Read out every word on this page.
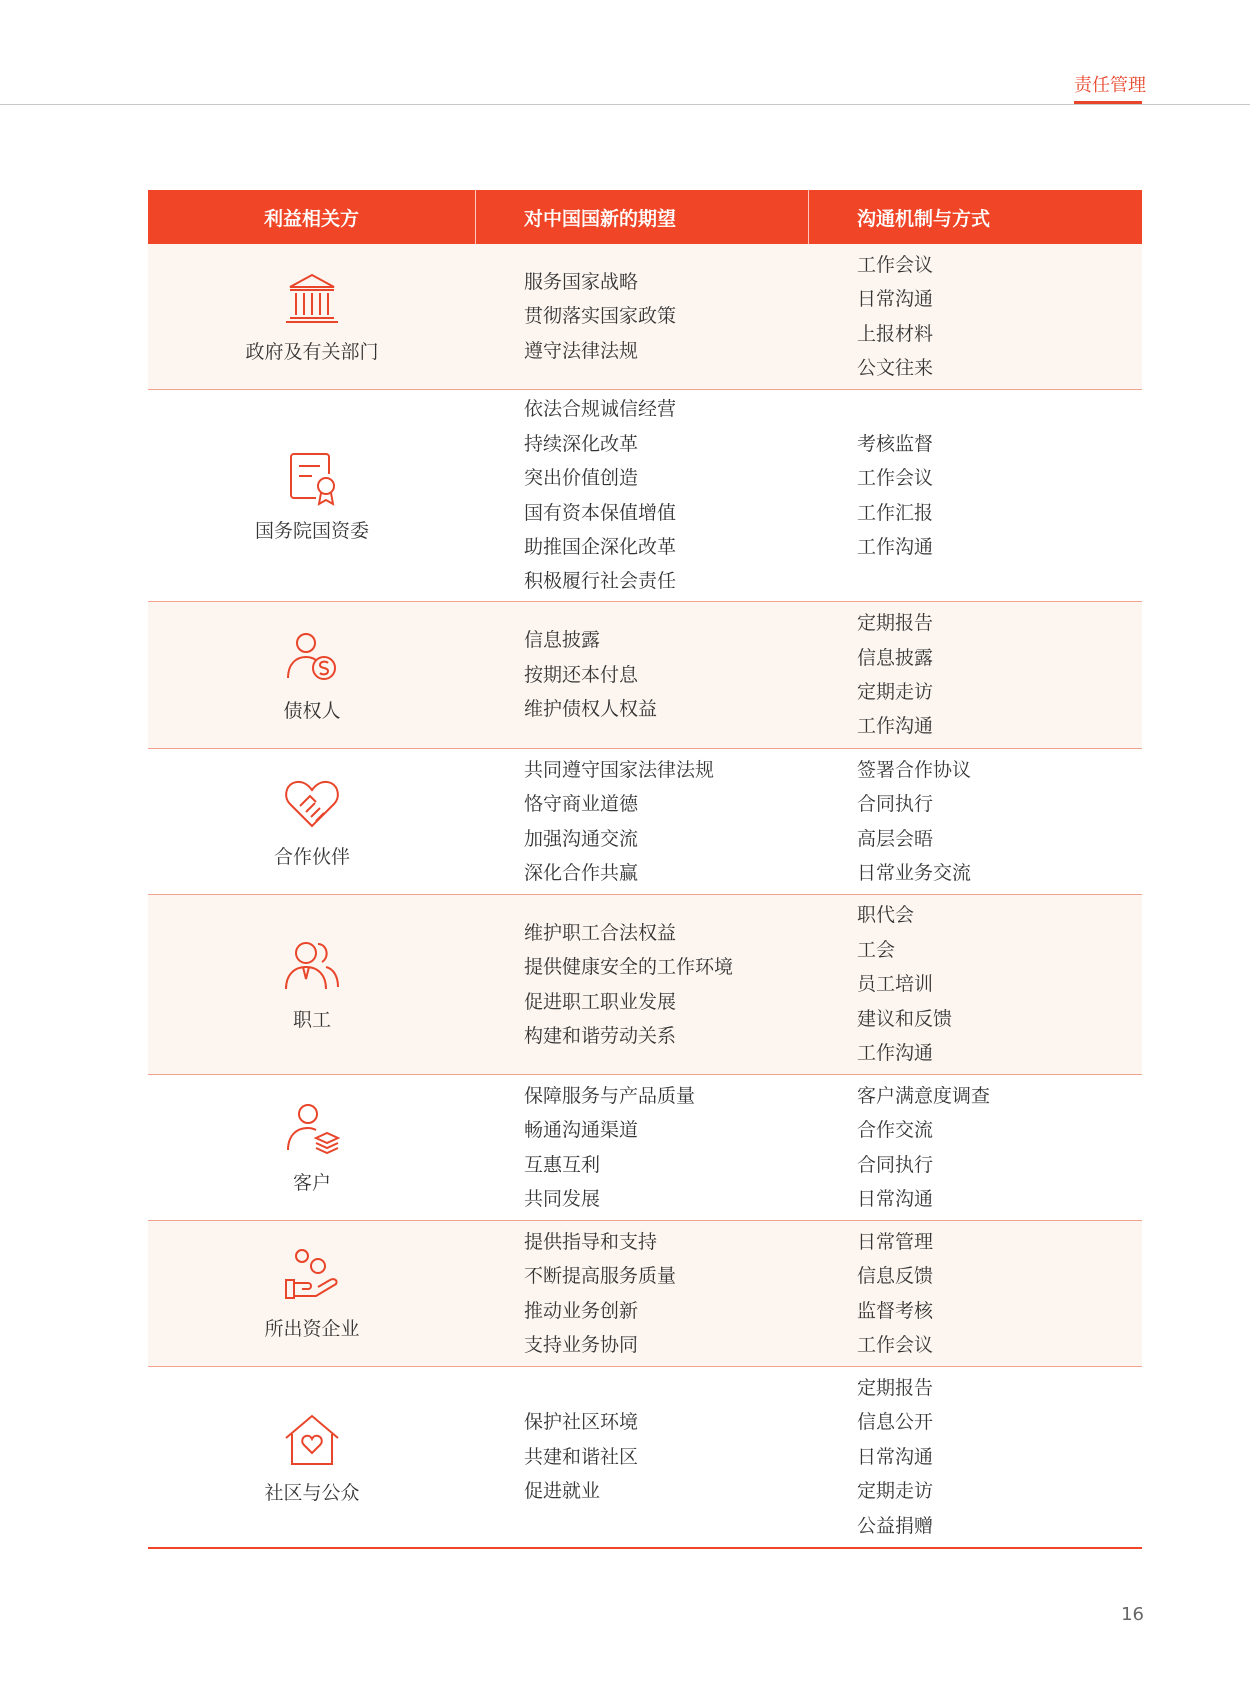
责任管理
利益相关方	对中国国新的期望	沟通机制与方式
政府及有关部门
服务国家战略
贯彻落实国家政策
遵守法律法规
工作会议
日常沟通
上报材料
公文往来
国务院国资委
依法合规诚信经营
持续深化改革
突出价值创造
国有资本保值增值
助推国企深化改革
积极履行社会责任
考核监督
工作会议
工作汇报
工作沟通
债权人
信息披露
按期还本付息
维护债权人权益
定期报告
信息披露
定期走访
工作沟通
合作伙伴
共同遵守国家法律法规
恪守商业道德
加强沟通交流
深化合作共赢
签署合作协议
合同执行
高层会晤
日常业务交流
职工
维护职工合法权益
提供健康安全的工作环境
促进职工职业发展
构建和谐劳动关系
职代会
工会
员工培训
建议和反馈
工作沟通
客户
保障服务与产品质量
畅通沟通渠道
互惠互利
共同发展
客户满意度调查
合作交流
合同执行
日常沟通
所出资企业
提供指导和支持
不断提高服务质量
推动业务创新
支持业务协同
日常管理
信息反馈
监督考核
工作会议
社区与公众
保护社区环境
共建和谐社区
促进就业
定期报告
信息公开
日常沟通
定期走访
公益捐赠
16
